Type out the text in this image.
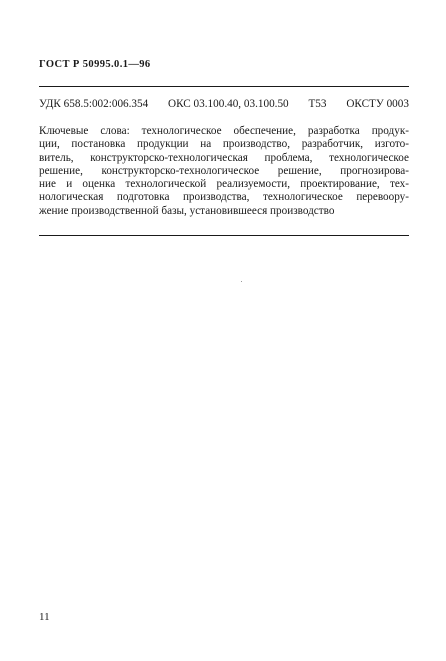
ГОСТ Р 50995.0.1—96
УДК 658.5:002:006.354 ОКС 03.100.40, 03.100.50 Т53 ОКСТУ 0003
Ключевые слова: технологическое обеспечение, разработка продук-
ции, постановка продукции на производство, разработчик, изгото-
витель, конструкторско-технологическая проблема, технологическое
решение, конструкторско-технологическое решение, прогнозирова-
ние и оценка технологической реализуемости, проектирование, тех-
нологическая подготовка производства, технологическое перевоору-
жение производственной базы, установившееся производство
11
